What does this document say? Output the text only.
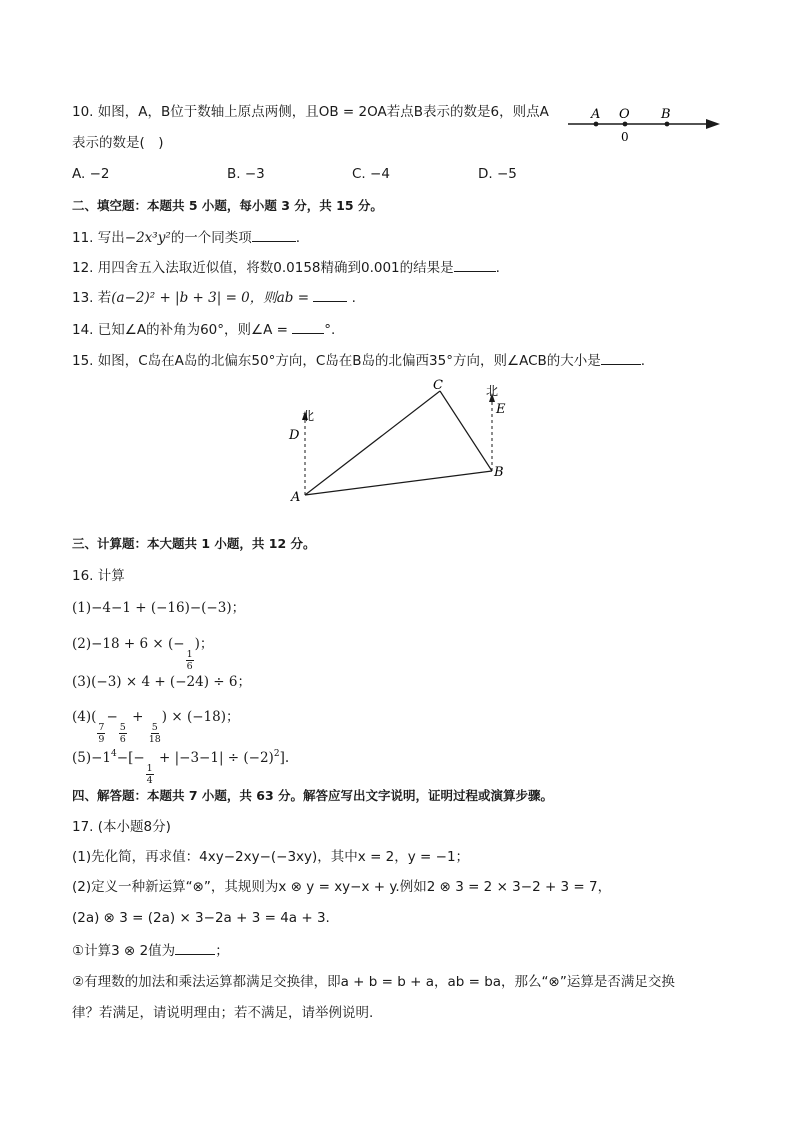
10. 如图，A，B位于数轴上原点两侧，且OB = 2OA若点B表示的数是6，则点A
表示的数是(　)
A O B
0
A. −2	B. −3	C. −4	D. −5
二、填空题：本题共 5 小题，每小题 3 分，共 15 分。
11. 写出−2x³y²的一个同类项	.
12. 用四舍五入法取近似值，将数0.0158精确到0.001的结果是	.
13. 若(a−2)² + |b + 3| = 0，则ab =	.
14. 已知∠A的补角为60°，则∠A =	°.
15. 如图，C岛在A岛的北偏东50°方向，C岛在B岛的北偏西35°方向，则∠ACB的大小是	.
北
北
A
B
C
D
E
三、计算题：本大题共 1 小题，共 12 分。
16. 计算
(1)−4−1 + (−16)−(−3)；
(2)−18 + 6 × (−
$\frac{1}{6}$
)；
(3)(−3) × 4 + (−24) ÷ 6；
(4)(
$\frac{7}{9}$
−
$\frac{5}{6}$
+
$\frac{5}{18}$
) × (−18)；
$(5)-1^4-[-$
$\frac{1}{4}$
+ $|-3-1| \div (-2)^2$].
四、解答题：本题共 7 小题，共 63 分。解答应写出文字说明，证明过程或演算步骤。
17. (本小题8分)
(1)先化简，再求值：4xy−2xy−(−3xy)，其中x = 2，y = −1；
(2)定义一种新运算“⊗”，其规则为x ⊗ y = xy−x + y.例如2 ⊗ 3 = 2 × 3−2 + 3 = 7，
(2a) ⊗ 3 = (2a) × 3−2a + 3 = 4a + 3.
①计算3 ⊗ 2值为	；
②有理数的加法和乘法运算都满足交换律，即a + b = b + a，ab = ba，那么“⊗”运算是否满足交换
律？若满足，请说明理由；若不满足，请举例说明.
